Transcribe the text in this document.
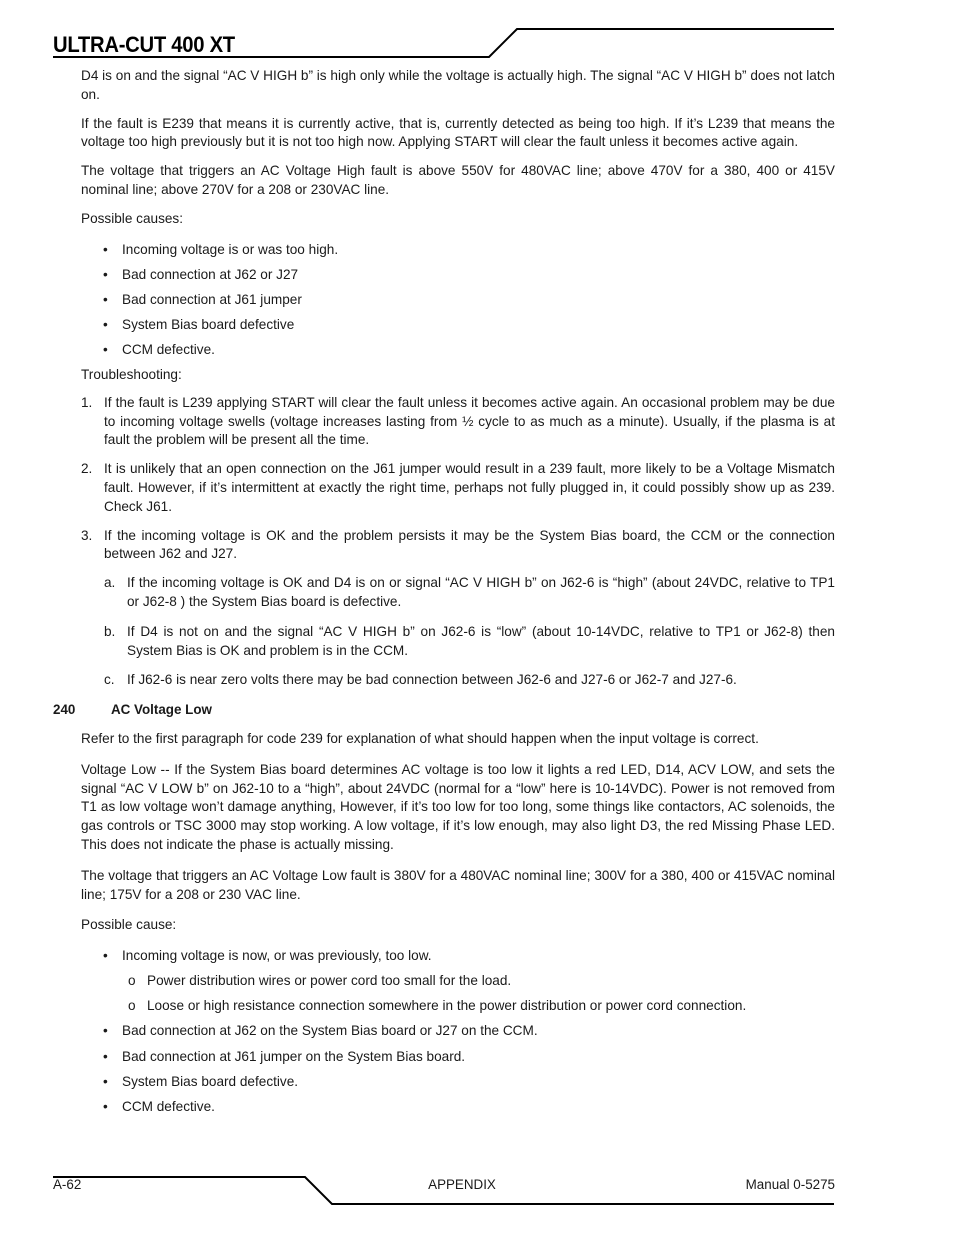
ULTRA-CUT 400 XT

D4 is on and the signal “AC V HIGH b” is high only while the voltage is actually high. The signal “AC V HIGH b” does not latch on.

If the fault is E239 that means it is currently active, that is, currently detected as being too high. If it’s L239 that means the voltage too high previously but it is not too high now. Applying START will clear the fault unless it becomes active again.

The voltage that triggers an AC Voltage High fault is above 550V for 480VAC line; above 470V for a 380, 400 or 415V nominal line; above 270V for a 208 or 230VAC line.

Possible causes:

• Incoming voltage is or was too high.
• Bad connection at J62 or J27
• Bad connection at J61 jumper
• System Bias board defective
• CCM defective.

Troubleshooting:

1. If the fault is L239 applying START will clear the fault unless it becomes active again. An occasional problem may be due to incoming voltage swells (voltage increases lasting from ½ cycle to as much as a minute). Usually, if the plasma is at fault the problem will be present all the time.
2. It is unlikely that an open connection on the J61 jumper would result in a 239 fault, more likely to be a Voltage Mismatch fault. However, if it’s intermittent at exactly the right time, perhaps not fully plugged in, it could possibly show up as 239. Check J61.
3. If the incoming voltage is OK and the problem persists it may be the System Bias board, the CCM or the connection between J62 and J27.
a. If the incoming voltage is OK and D4 is on or signal “AC V HIGH b” on J62-6 is “high” (about 24VDC, relative to TP1 or J62-8 ) the System Bias board is defective.
b. If D4 is not on and the signal “AC V HIGH b” on J62-6 is “low” (about 10-14VDC, relative to TP1 or J62-8) then System Bias is OK and problem is in the CCM.
c. If J62-6 is near zero volts there may be bad connection between J62-6 and J27-6 or J62-7 and J27-6.
240	AC Voltage Low

Refer to the first paragraph for code 239 for explanation of what should happen when the input voltage is correct.

Voltage Low -- If the System Bias board determines AC voltage is too low it lights a red LED, D14, ACV LOW, and sets the signal “AC V LOW b” on J62-10 to a “high”, about 24VDC (normal for a “low” here is 10-14VDC). Power is not removed from T1 as low voltage won’t damage anything, However, if it’s too low for too long, some things like contactors, AC solenoids, the gas controls or TSC 3000 may stop working. A low voltage, if it’s low enough, may also light D3, the red Missing Phase LED. This does not indicate the phase is actually missing.

The voltage that triggers an AC Voltage Low fault is 380V for a 480VAC nominal line; 300V for a 380, 400 or 415VAC nominal line; 175V for a 208 or 230 VAC line.

Possible cause:

• Incoming voltage is now, or was previously, too low.
o Power distribution wires or power cord too small for the load.
o Loose or high resistance connection somewhere in the power distribution or power cord connection.
• Bad connection at J62 on the System Bias board or J27 on the CCM.
• Bad connection at J61 jumper on the System Bias board.
• System Bias board defective.
• CCM defective.
A-62	APPENDIX	Manual 0-5275
